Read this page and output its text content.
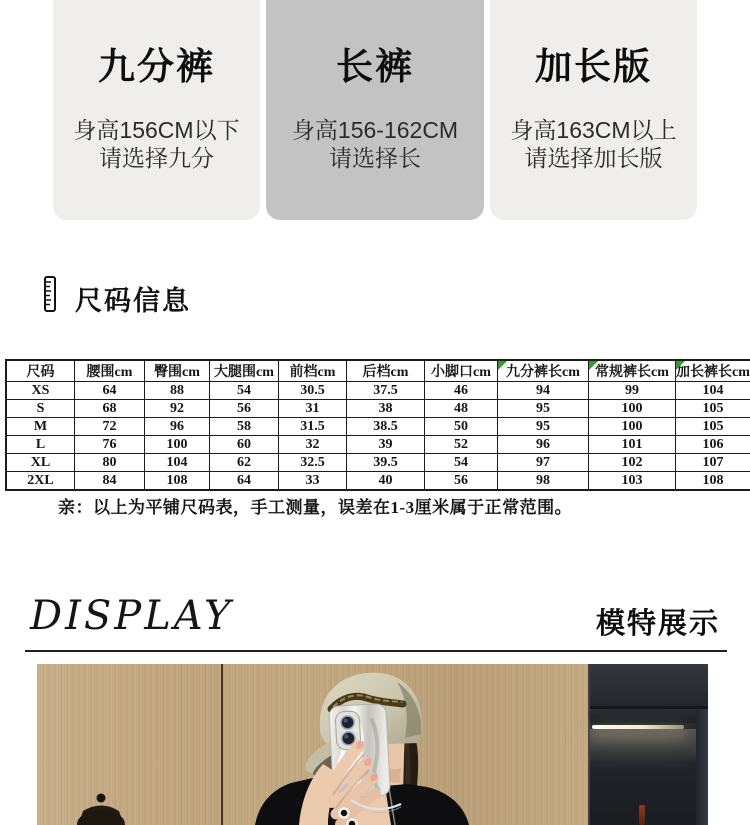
九分裤
身高156CM以下
请选择九分
长裤
身高156-162CM
请选择长
加长版
身高163CM以上
请选择加长版
尺码信息
尺码	腰围cm	臀围cm	大腿围cm	前档cm	后档cm	小脚口cm	九分裤长cm	常规裤长cm	加长裤长cm
XS	64	88	54	30.5	37.5	46	94	99	104
S	68	92	56	31	38	48	95	100	105
M	72	96	58	31.5	38.5	50	95	100	105
L	76	100	60	32	39	52	96	101	106
XL	80	104	62	32.5	39.5	54	97	102	107
2XL	84	108	64	33	40	56	98	103	108
亲：以上为平铺尺码表，手工测量，误差在1-3厘米属于正常范围。
DISPLAY	模特展示
